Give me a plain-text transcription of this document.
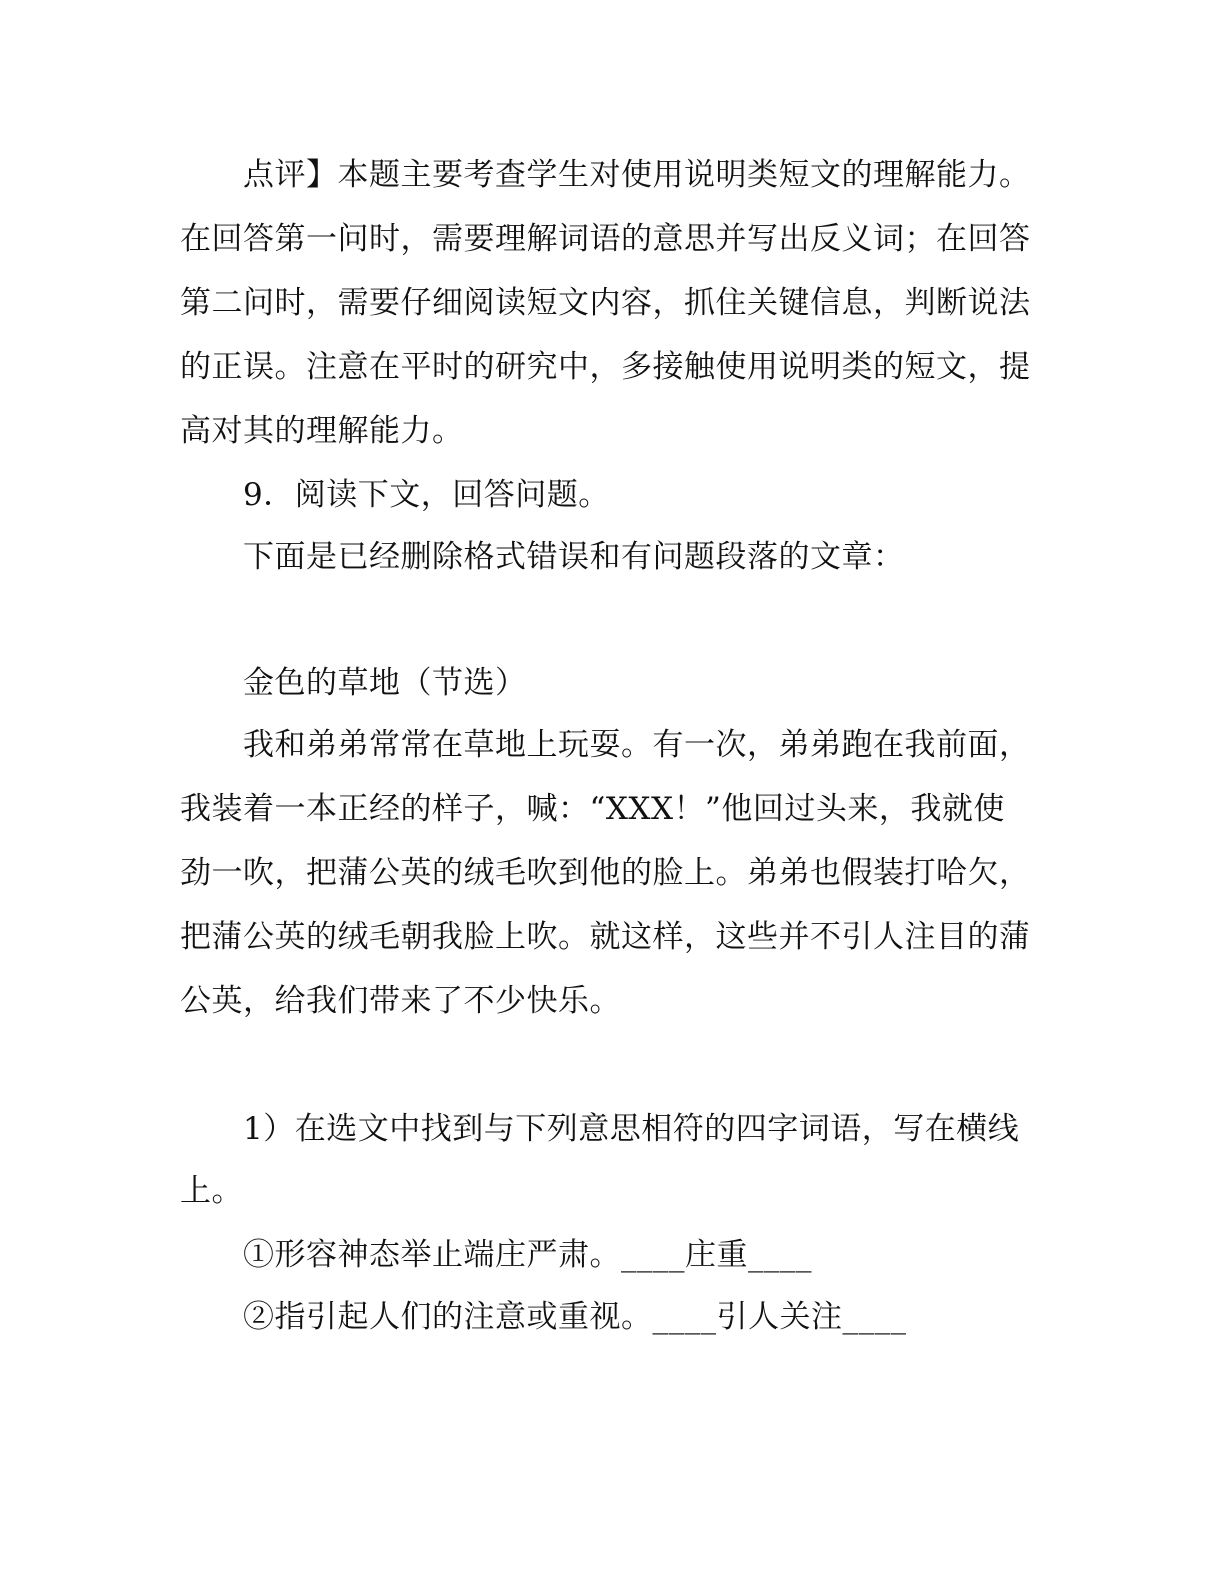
点评】本题主要考查学生对使用说明类短文的理解能力。
在回答第一问时，需要理解词语的意思并写出反义词；在回答
第二问时，需要仔细阅读短文内容，抓住关键信息，判断说法
的正误。注意在平时的研究中，多接触使用说明类的短文，提
高对其的理解能力。
9．阅读下文，回答问题。
下面是已经删除格式错误和有问题段落的文章：
金色的草地（节选）
我和弟弟常常在草地上玩耍。有一次，弟弟跑在我前面，
我装着一本正经的样子，喊：“XXX！”他回过头来，我就使
劲一吹，把蒲公英的绒毛吹到他的脸上。弟弟也假装打哈欠，
把蒲公英的绒毛朝我脸上吹。就这样，这些并不引人注目的蒲
公英，给我们带来了不少快乐。
1）在选文中找到与下列意思相符的四字词语，写在横线
上。
①形容神态举止端庄严肃。____庄重____
②指引起人们的注意或重视。____引人关注____
